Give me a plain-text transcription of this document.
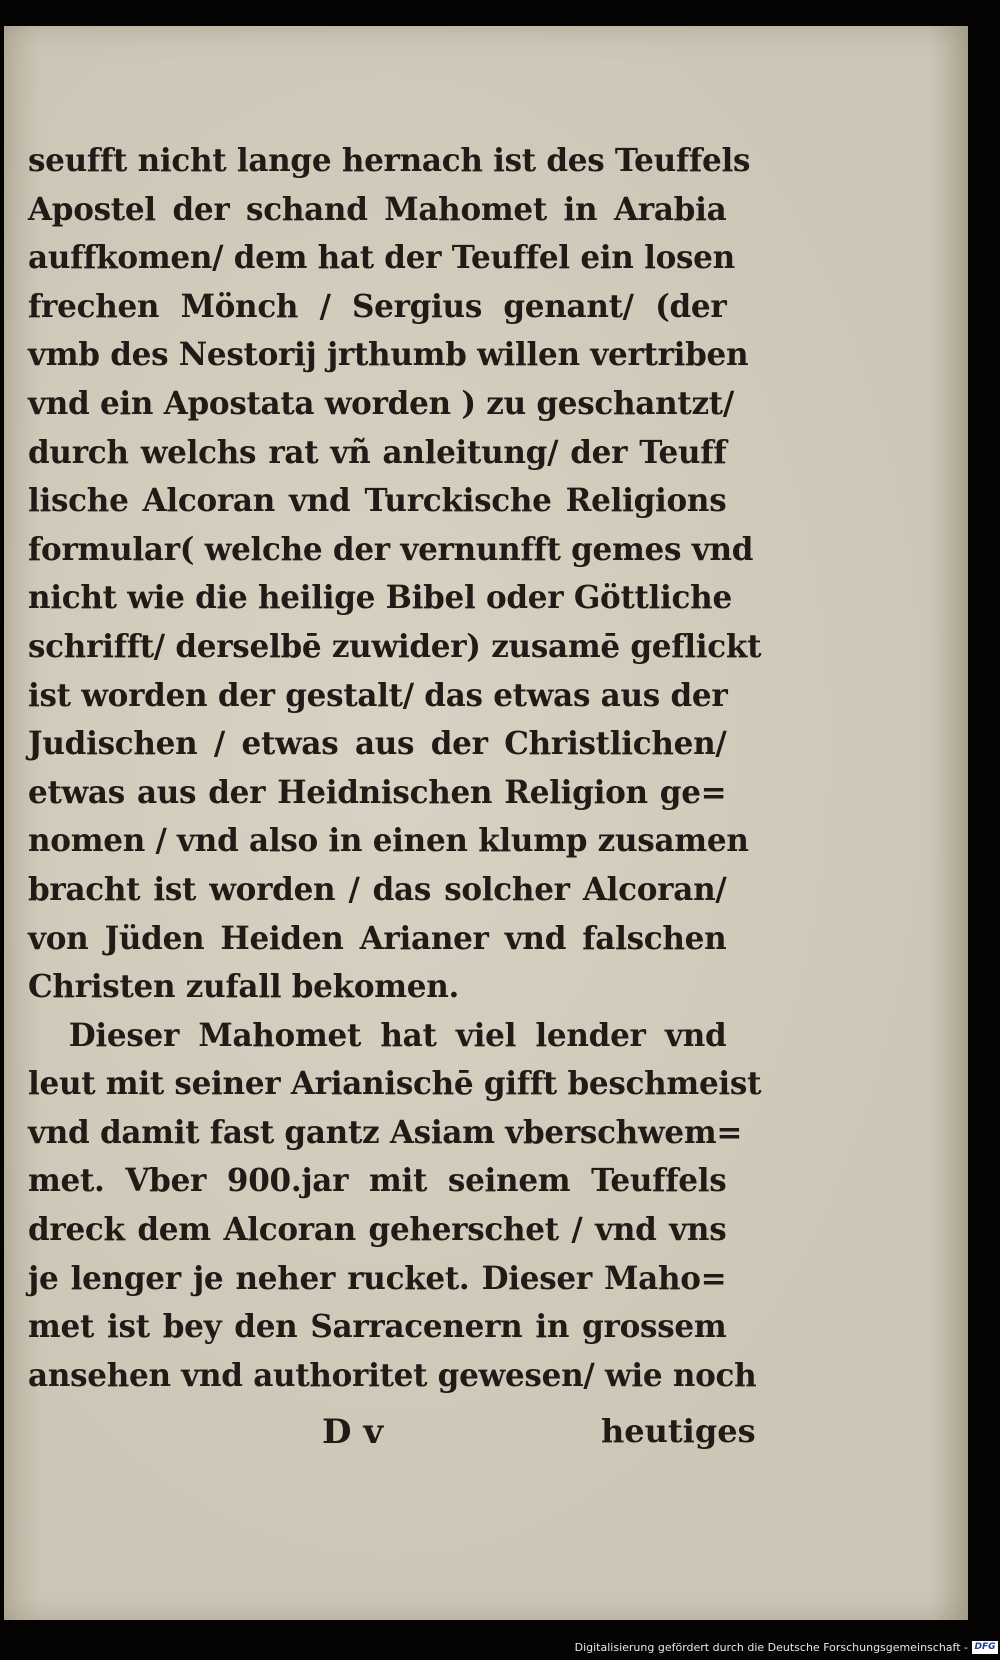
seufft nicht lange hernach ist des Teuffels
Apostel der schand Mahomet in Arabia
auffkomen/ dem hat der Teuffel ein losen
frechen Mönch / Sergius genant/ (der
vmb des Nestorij jrthumb willen vertriben
vnd ein Apostata worden ) zu geschantzt/
durch welchs rat vñ anleitung/ der Teuff
lische Alcoran vnd Turckische Religions
formular( welche der vernunfft gemes vnd
nicht wie die heilige Bibel oder Göttliche
schrifft/ derselbē zuwider) zusamē geflickt
ist worden der gestalt/ das etwas aus der
Judischen / etwas aus der Christlichen/
etwas aus der Heidnischen Religion ge=
nomen / vnd also in einen klump zusamen
bracht ist worden / das solcher Alcoran/
von Jüden Heiden Arianer vnd falschen
Christen zufall bekomen.
Dieser Mahomet hat viel lender vnd
leut mit seiner Arianischē gifft beschmeist
vnd damit fast gantz Asiam vberschwem=
met. Vber 900.jar mit seinem Teuffels
dreck dem Alcoran geherschet / vnd vns
je lenger je neher rucket. Dieser Maho=
met ist bey den Sarracenern in grossem
ansehen vnd authoritet gewesen/ wie noch
D v	heutiges
Digitalisierung gefördert durch die Deutsche Forschungsgemeinschaft - DFG
